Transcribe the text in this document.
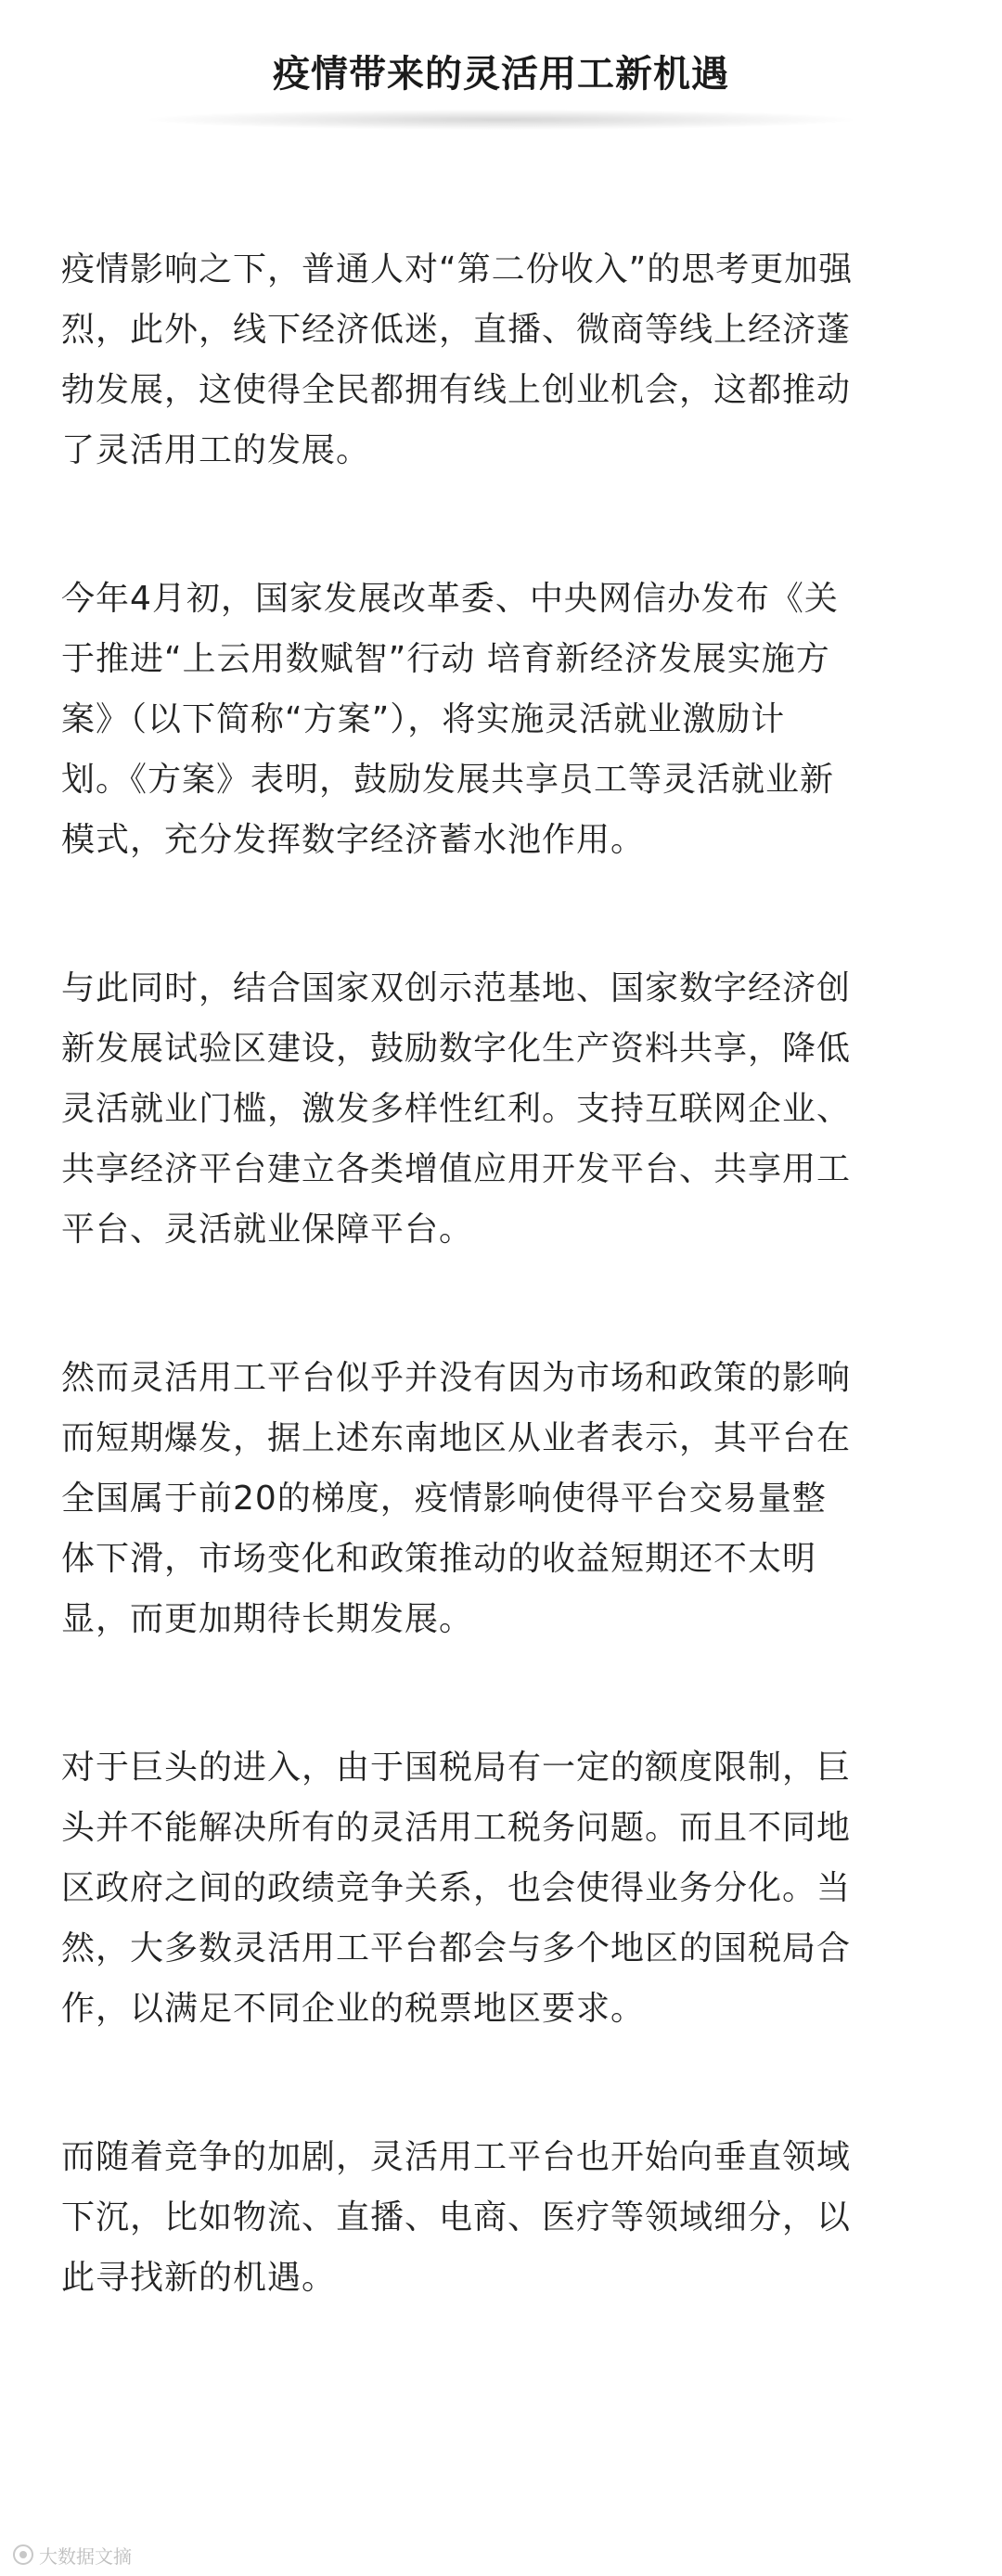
疫情带来的灵活用工新机遇

疫情影响之下，普通人对“第二份收入”的思考更加强
烈，此外，线下经济低迷，直播、微商等线上经济蓬
勃发展，这使得全民都拥有线上创业机会，这都推动
了灵活用工的发展。

今年4月初，国家发展改革委、中央网信办发布《关
于推进“上云用数赋智”行动 培育新经济发展实施方
案》（以下简称“方案”），将实施灵活就业激励计
划。《方案》表明，鼓励发展共享员工等灵活就业新
模式，充分发挥数字经济蓄水池作用。

与此同时，结合国家双创示范基地、国家数字经济创
新发展试验区建设，鼓励数字化生产资料共享，降低
灵活就业门槛，激发多样性红利。支持互联网企业、
共享经济平台建立各类增值应用开发平台、共享用工
平台、灵活就业保障平台。

然而灵活用工平台似乎并没有因为市场和政策的影响
而短期爆发，据上述东南地区从业者表示，其平台在
全国属于前20的梯度，疫情影响使得平台交易量整
体下滑，市场变化和政策推动的收益短期还不太明
显，而更加期待长期发展。

对于巨头的进入，由于国税局有一定的额度限制，巨
头并不能解决所有的灵活用工税务问题。而且不同地
区政府之间的政绩竞争关系，也会使得业务分化。当
然，大多数灵活用工平台都会与多个地区的国税局合
作，以满足不同企业的税票地区要求。

而随着竞争的加剧，灵活用工平台也开始向垂直领域
下沉，比如物流、直播、电商、医疗等领域细分，以
此寻找新的机遇。

大数据文摘
